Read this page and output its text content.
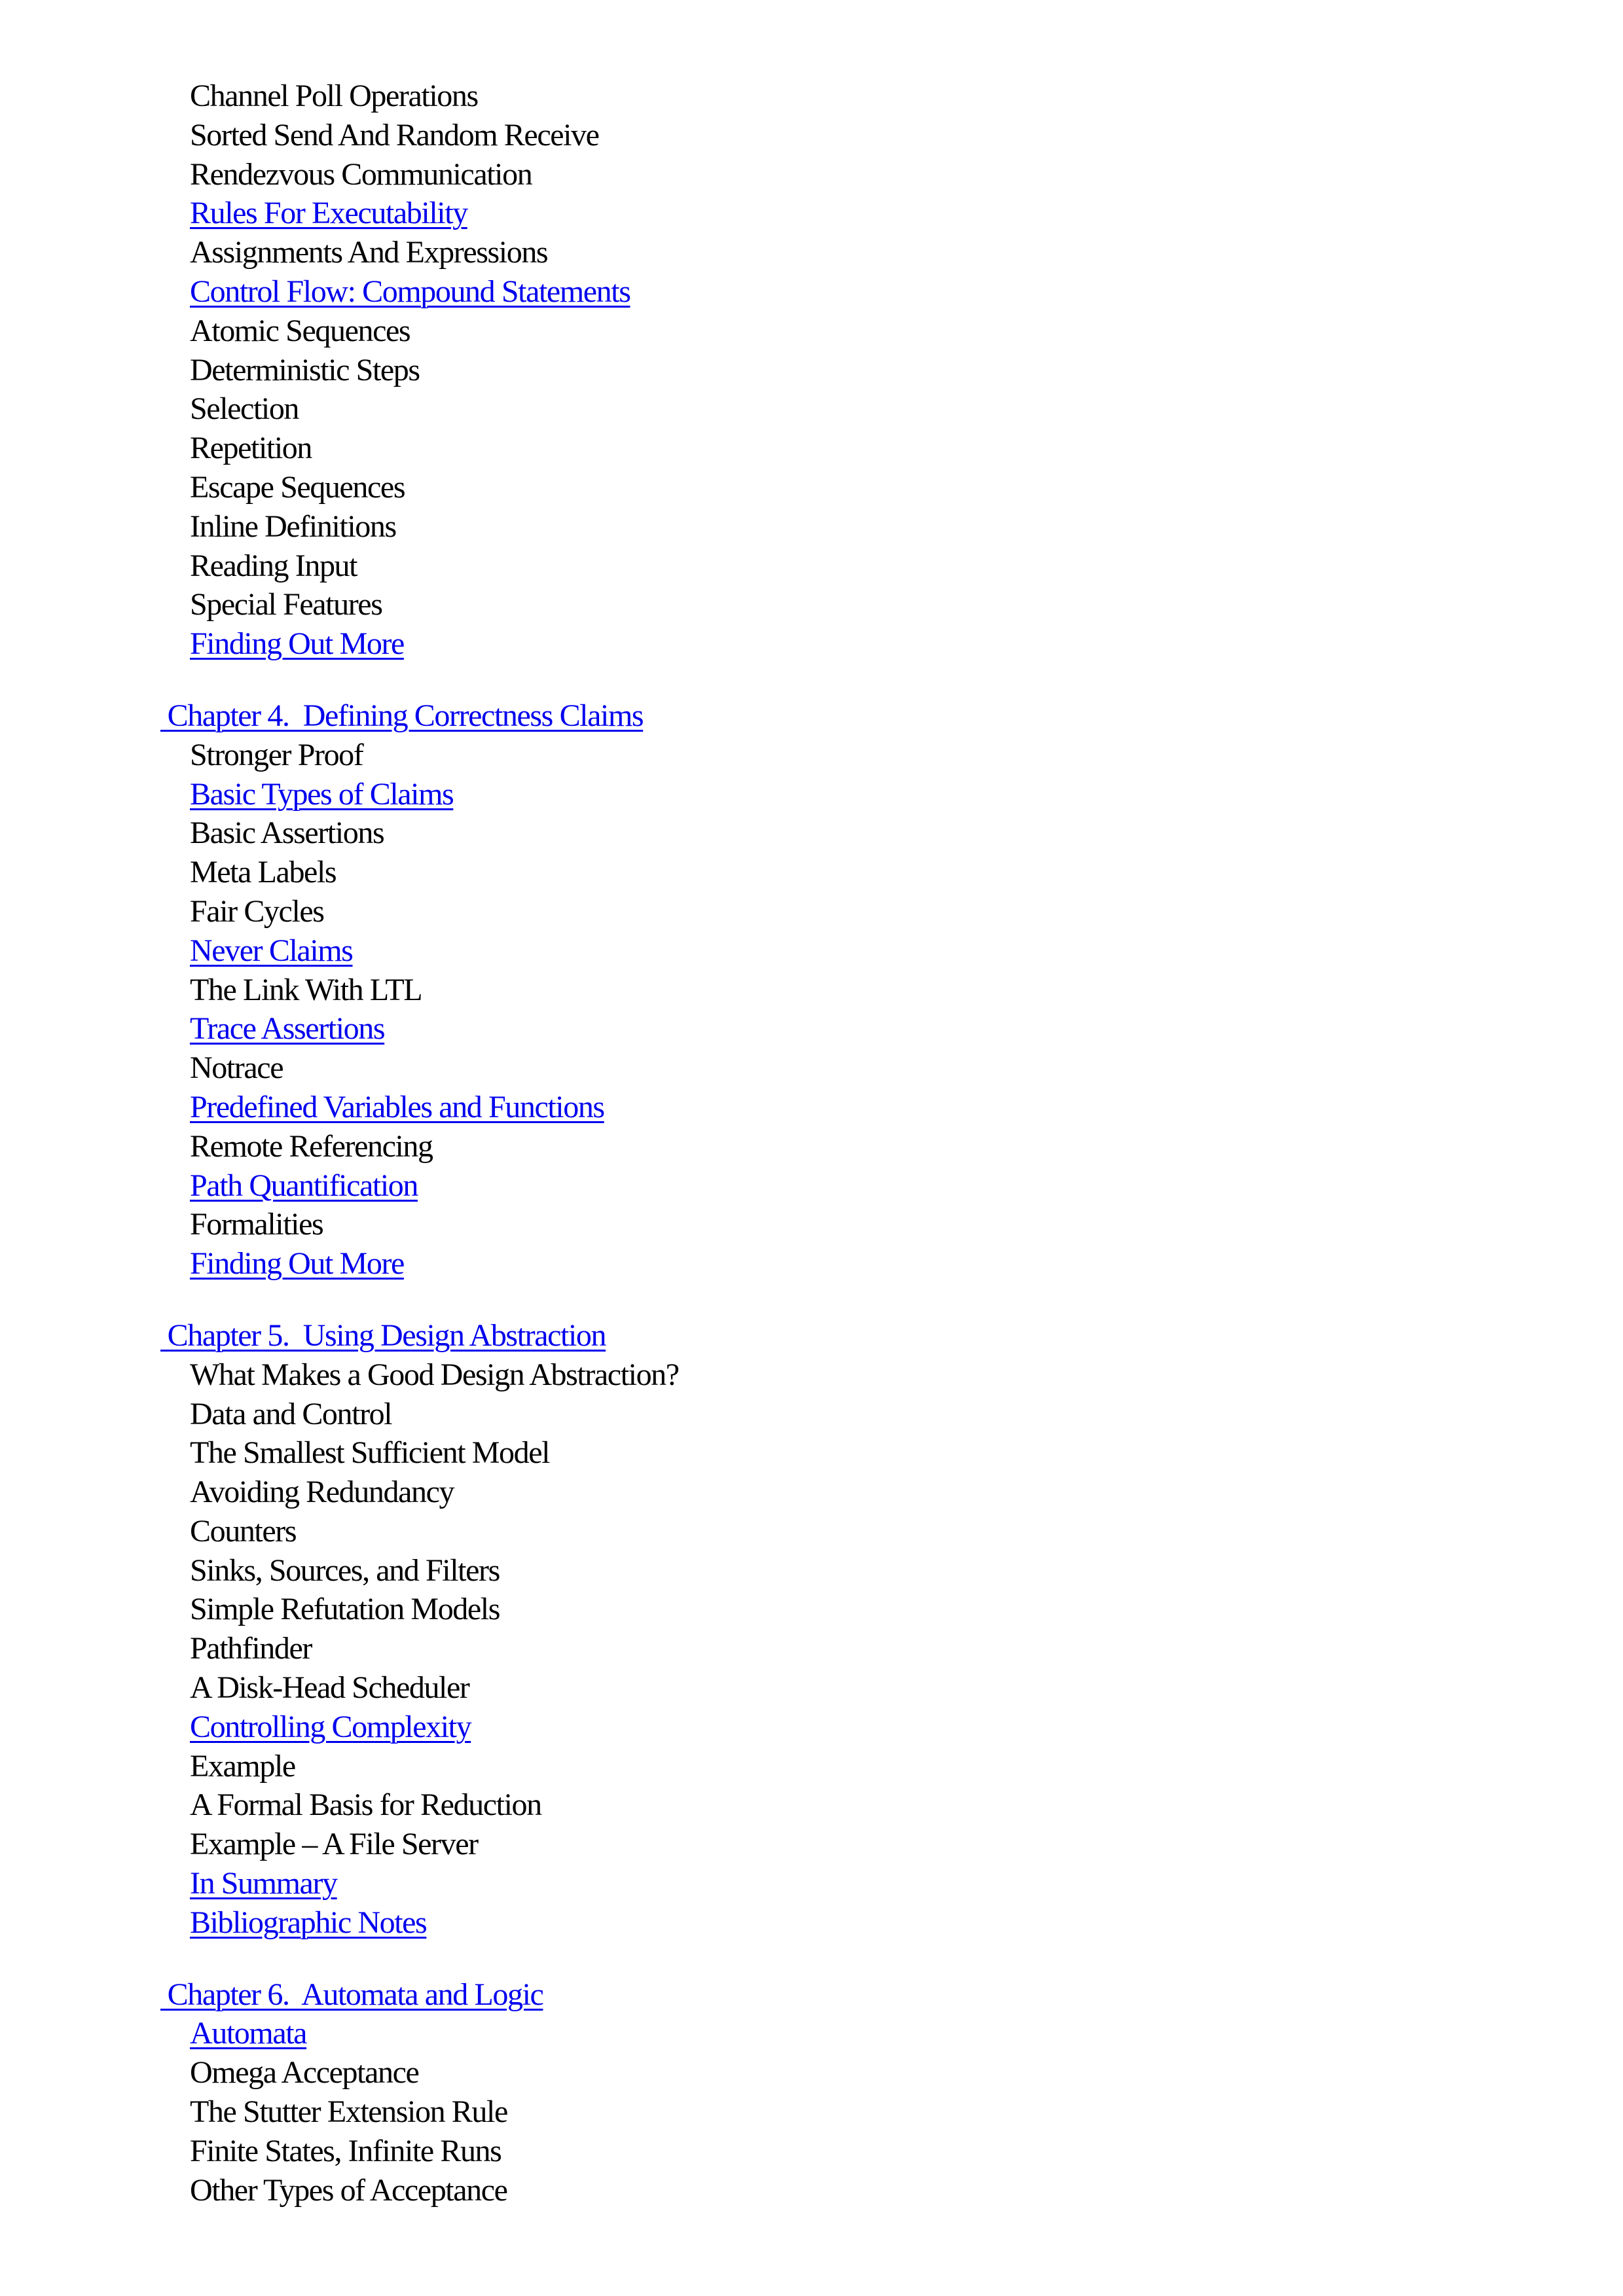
Channel Poll Operations
Sorted Send And Random Receive
Rendezvous Communication
Rules For Executability
Assignments And Expressions
Control Flow: Compound Statements
Atomic Sequences
Deterministic Steps
Selection
Repetition
Escape Sequences
Inline Definitions
Reading Input
Special Features
Finding Out More
Chapter 4.  Defining Correctness Claims
Stronger Proof
Basic Types of Claims
Basic Assertions
Meta Labels
Fair Cycles
Never Claims
The Link With LTL
Trace Assertions
Notrace
Predefined Variables and Functions
Remote Referencing
Path Quantification
Formalities
Finding Out More
Chapter 5.  Using Design Abstraction
What Makes a Good Design Abstraction?
Data and Control
The Smallest Sufficient Model
Avoiding Redundancy
Counters
Sinks, Sources, and Filters
Simple Refutation Models
Pathfinder
A Disk-Head Scheduler
Controlling Complexity
Example
A Formal Basis for Reduction
Example – A File Server
In Summary
Bibliographic Notes
Chapter 6.  Automata and Logic
Automata
Omega Acceptance
The Stutter Extension Rule
Finite States, Infinite Runs
Other Types of Acceptance
